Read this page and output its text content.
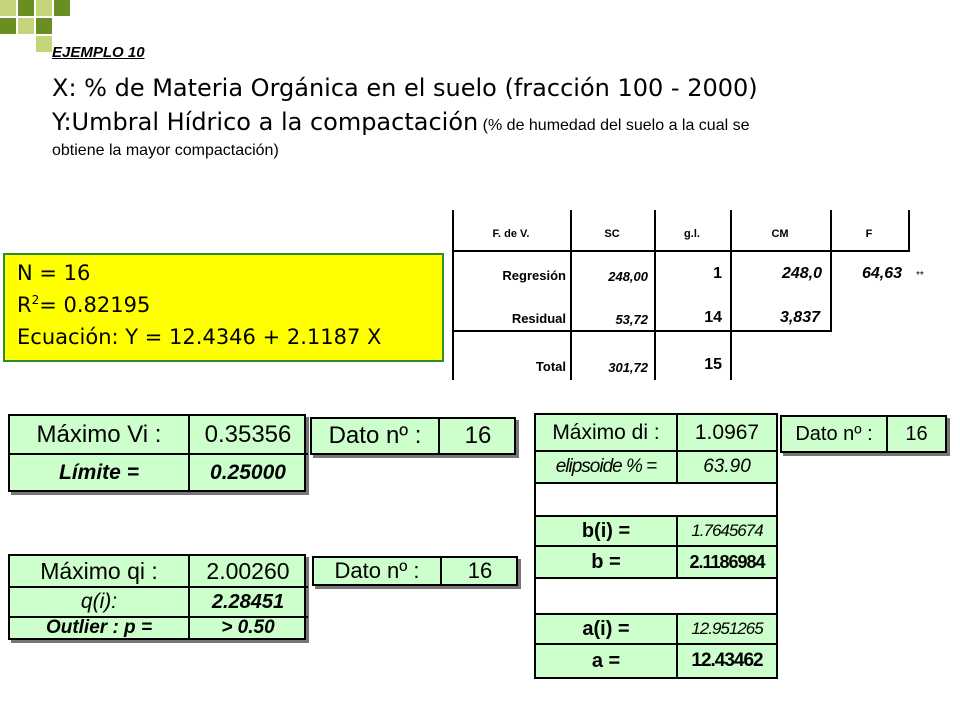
EJEMPLO 10
X: % de Materia Orgánica en el suelo (fracción 100 - 2000)
Y:Umbral Hídrico a la compactación (% de humedad del suelo a la cual se
obtiene la mayor compactación)
F. de V.	SC	g.l.	CM	F
Regresión	248,00	1	248,0	64,63 **
Residual	53,72	14	3,837
Total	301,72	15
N = 16
$R^2= 0.82195$
Ecuación: Y = 12.4346 + 2.1187 X
Máximo Vi :	0.35356
Límite =	0.25000
Dato nº :	16
Máximo qi :	2.00260
q(i):	2.28451
Outlier : p =	> 0.50
Dato nº :	16
Máximo di :	1.0967
elipsoide % =	63.90
b(i) =	1.7645674
b =	2.1186984
a(i) =	12.951265
a =	12.43462
Dato nº :	16
